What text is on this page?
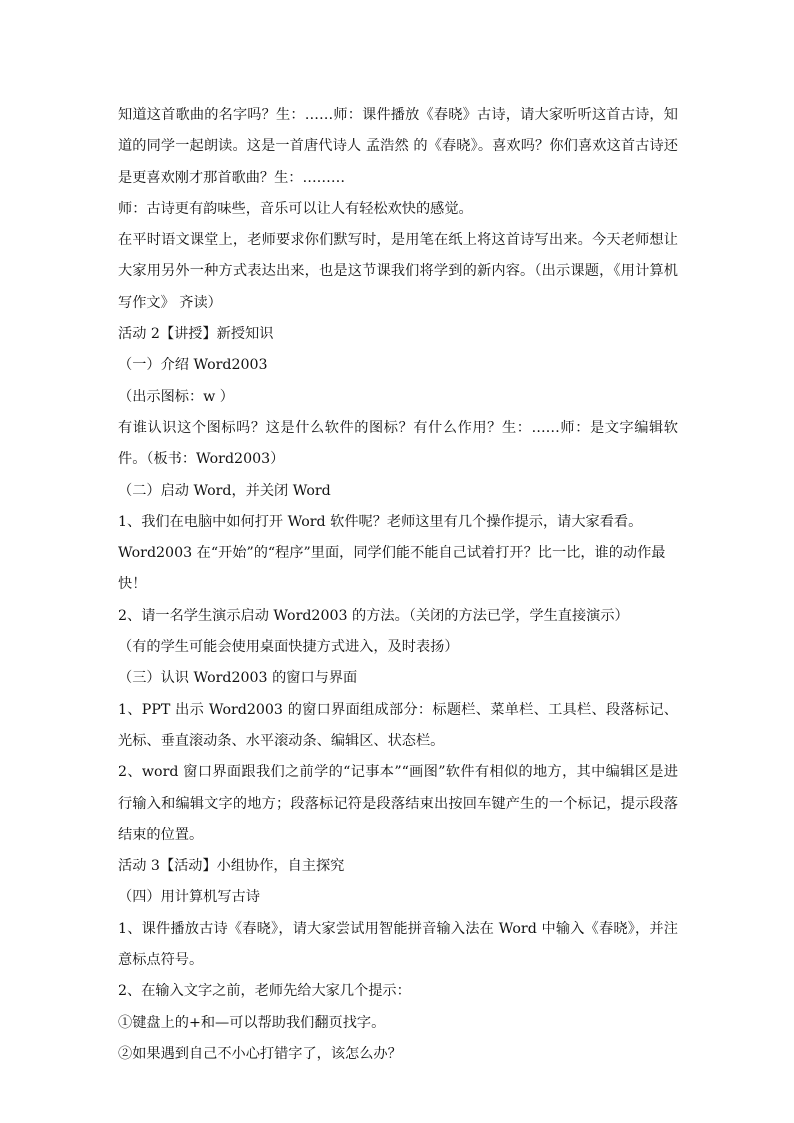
知道这首歌曲的名字吗？生：……师：课件播放《春晓》古诗，请大家听听这首古诗，知道的同学一起朗读。这是一首唐代诗人 孟浩然 的《春晓》。喜欢吗？你们喜欢这首古诗还是更喜欢刚才那首歌曲？生：………

师：古诗更有韵味些，音乐可以让人有轻松欢快的感觉。

在平时语文课堂上，老师要求你们默写时，是用笔在纸上将这首诗写出来。今天老师想让大家用另外一种方式表达出来，也是这节课我们将学到的新内容。（出示课题，《用计算机写作文》 齐读）

活动 2【讲授】新授知识

（一）介绍 Word2003

（出示图标：w ）

有谁认识这个图标吗？这是什么软件的图标？有什么作用？生：……师：是文字编辑软件。（板书：Word2003）

（二）启动 Word，并关闭 Word

1、我们在电脑中如何打开 Word 软件呢？老师这里有几个操作提示，请大家看看。

Word2003 在“开始”的“程序”里面，同学们能不能自己试着打开？比一比，谁的动作最快！

2、请一名学生演示启动 Word2003 的方法。（关闭的方法已学，学生直接演示）

（有的学生可能会使用桌面快捷方式进入，及时表扬）

（三）认识 Word2003 的窗口与界面

1、PPT 出示 Word2003 的窗口界面组成部分：标题栏、菜单栏、工具栏、段落标记、光标、垂直滚动条、水平滚动条、编辑区、状态栏。

2、word 窗口界面跟我们之前学的“记事本”“画图”软件有相似的地方，其中编辑区是进行输入和编辑文字的地方；段落标记符是段落结束出按回车键产生的一个标记，提示段落结束的位置。

活动 3【活动】小组协作，自主探究

（四）用计算机写古诗

1、课件播放古诗《春晓》，请大家尝试用智能拼音输入法在 Word 中输入《春晓》，并注意标点符号。

2、在输入文字之前，老师先给大家几个提示：

①键盘上的+和—可以帮助我们翻页找字。

②如果遇到自己不小心打错字了，该怎么办？
